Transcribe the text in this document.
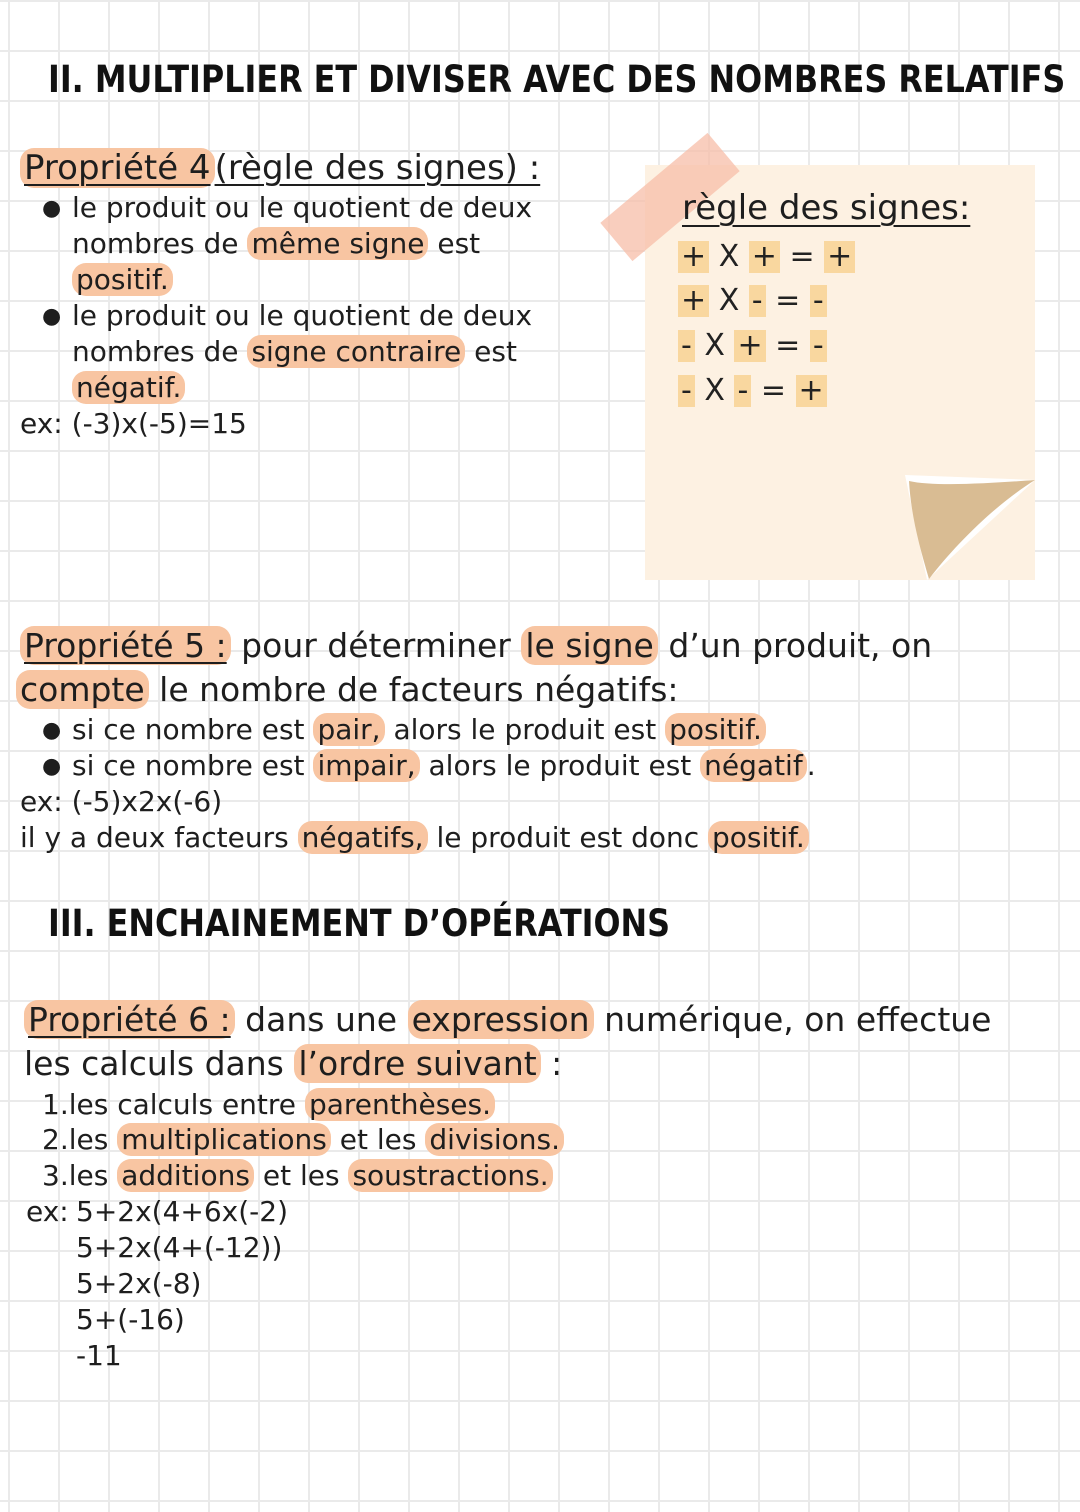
II. MULTIPLIER ET DIVISER AVEC DES NOMBRES RELATIFS
Propriété 4 (règle des signes) :
● le produit ou le quotient de deux
nombres de même signe est
positif.
● le produit ou le quotient de deux
nombres de signe contraire est
négatif.
ex: (-3)x(-5)=15
règle des signes:
+ X + = +
+ X - = -
- X + = -
- X - = +
Propriété 5 : pour déterminer le signe d’un produit, on
compte le nombre de facteurs négatifs:
● si ce nombre est pair, alors le produit est positif.
● si ce nombre est impair, alors le produit est négatif .
ex: (-5)x2x(-6)
il y a deux facteurs négatifs, le produit est donc positif.
III. ENCHAINEMENT D’OPÉRATIONS
Propriété 6 : dans une expression numérique, on effectue
les calculs dans l’ordre suivant :
1.les calculs entre parenthèses.
2.les multiplications et les divisions.
3.les additions et les soustractions.
ex: 5+2x(4+6x(-2)
5+2x(4+(-12))
5+2x(-8)
5+(-16)
-11
